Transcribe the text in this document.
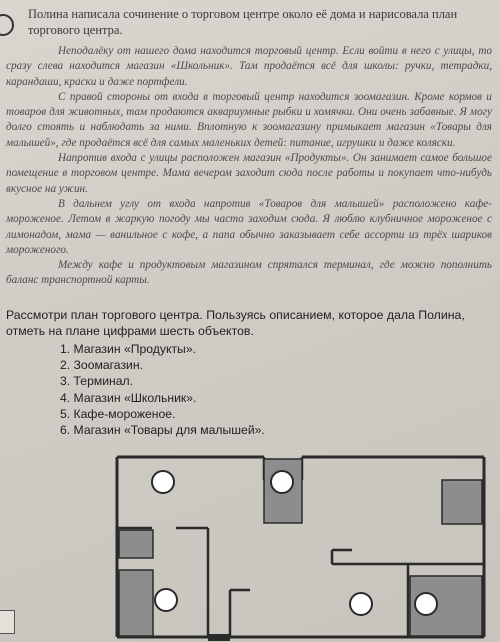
Полина написала сочинение о торговом центре около её дома и нарисовала план торгового центра.

Неподалёку от нашего дома находится торговый центр. Если войти в него с улицы, то сразу слева находится магазин «Школьник». Там продаётся всё для школы: ручки, тетрадки, карандаши, краски и даже портфели.

С правой стороны от входа в торговый центр находится зоомагазин. Кроме кормов и товаров для животных, там продаются аквариумные рыбки и хомячки. Они очень забавные. Я могу долго стоять и наблюдать за ними. Вплотную к зоомагазину примыкает магазин «Товары для малышей», где продаётся всё для самых маленьких детей: питание, игрушки и даже коляски.

Напротив входа с улицы расположен магазин «Продукты». Он занимает самое большое помещение в торговом центре. Мама вечером заходит сюда после работы и покупает что-нибудь вкусное на ужин.

В дальнем углу от входа напротив «Товаров для малышей» расположено кафе-мороженое. Летом в жаркую погоду мы часто заходим сюда. Я люблю клубничное мороженое с лимонадом, мама — ванильное с кофе, а папа обычно заказывает себе ассорти из трёх шариков мороженого.

Между кафе и продуктовым магазином спрятался терминал, где можно пополнить баланс транспортной карты.

Рассмотри план торгового центра. Пользуясь описанием, которое дала Полина, отметь на плане цифрами шесть объектов.
1. Магазин «Продукты».
2. Зоомагазин.
3. Терминал.
4. Магазин «Школьник».
5. Кафе-мороженое.
6. Магазин «Товары для малышей».
